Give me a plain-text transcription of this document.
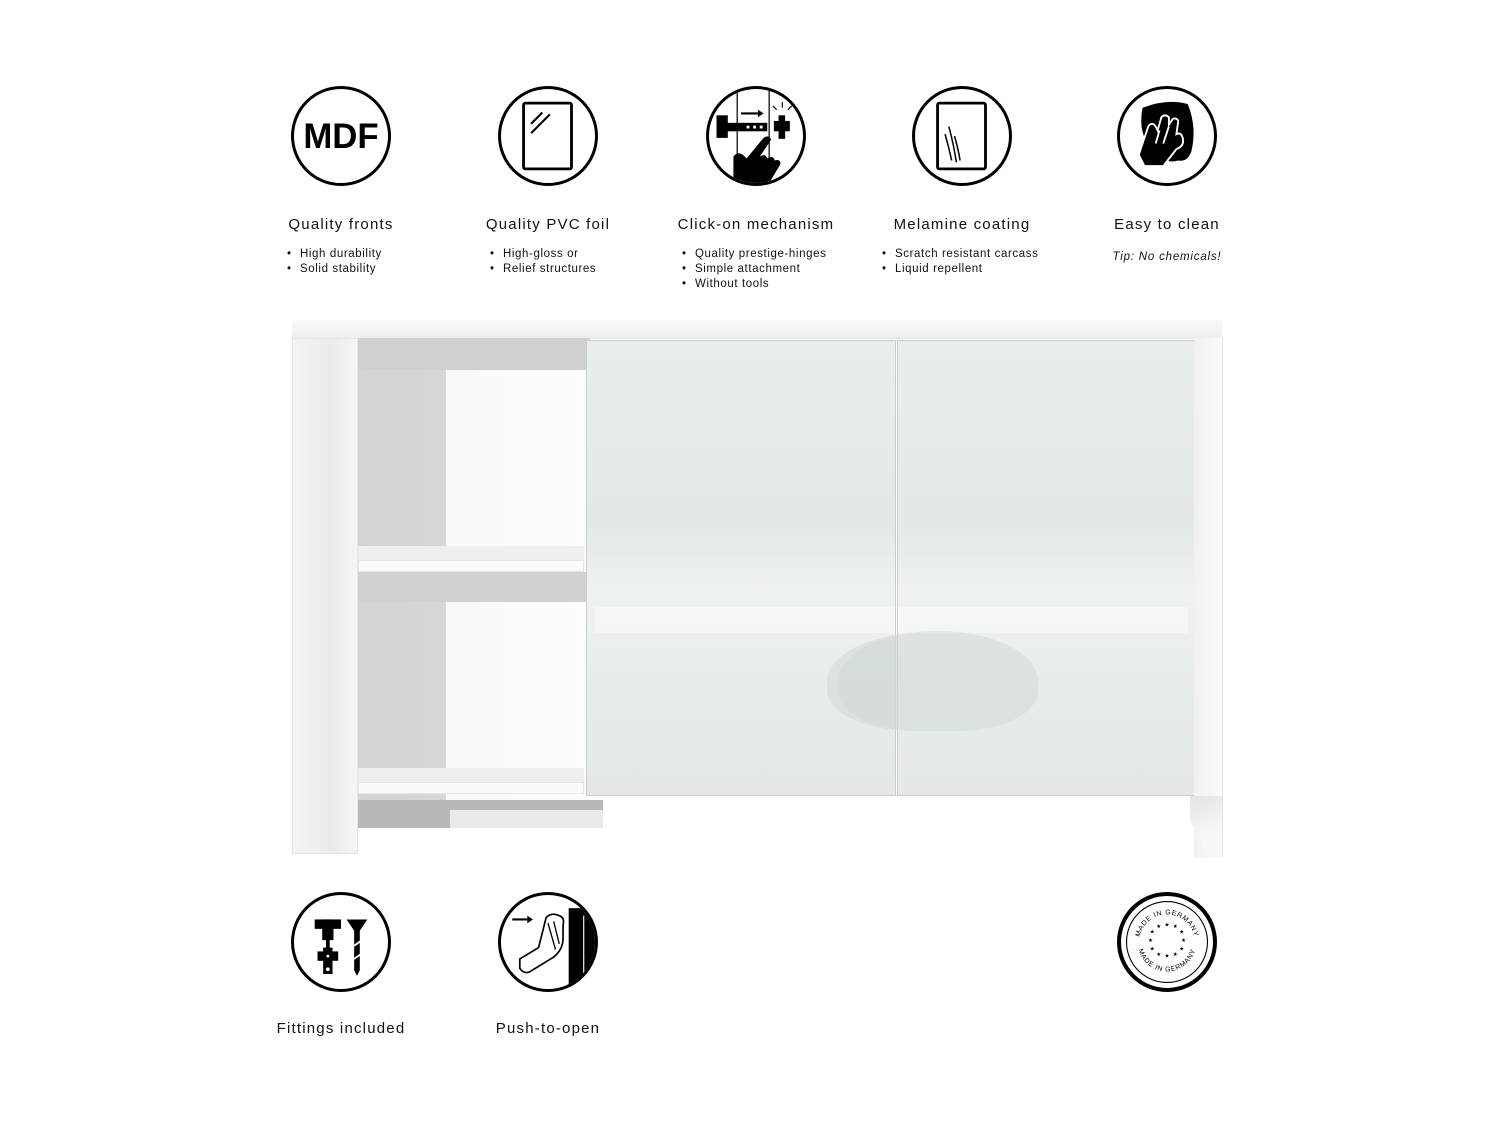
MDF
Quality fronts
• High durability
• Solid stability
Quality PVC foil
• High-gloss or
• Relief structures
Click-on mechanism
• Quality prestige-hinges
• Simple attachment
• Without tools
Melamine coating
• Scratch resistant carcass
• Liquid repellent
Easy to clean
Tip: No chemicals!
Fittings included	Push-to-open
MADE IN GERMANY
MADE IN GERMANY
★ ★
★
★
★
★
★
★
★
★
★
★
